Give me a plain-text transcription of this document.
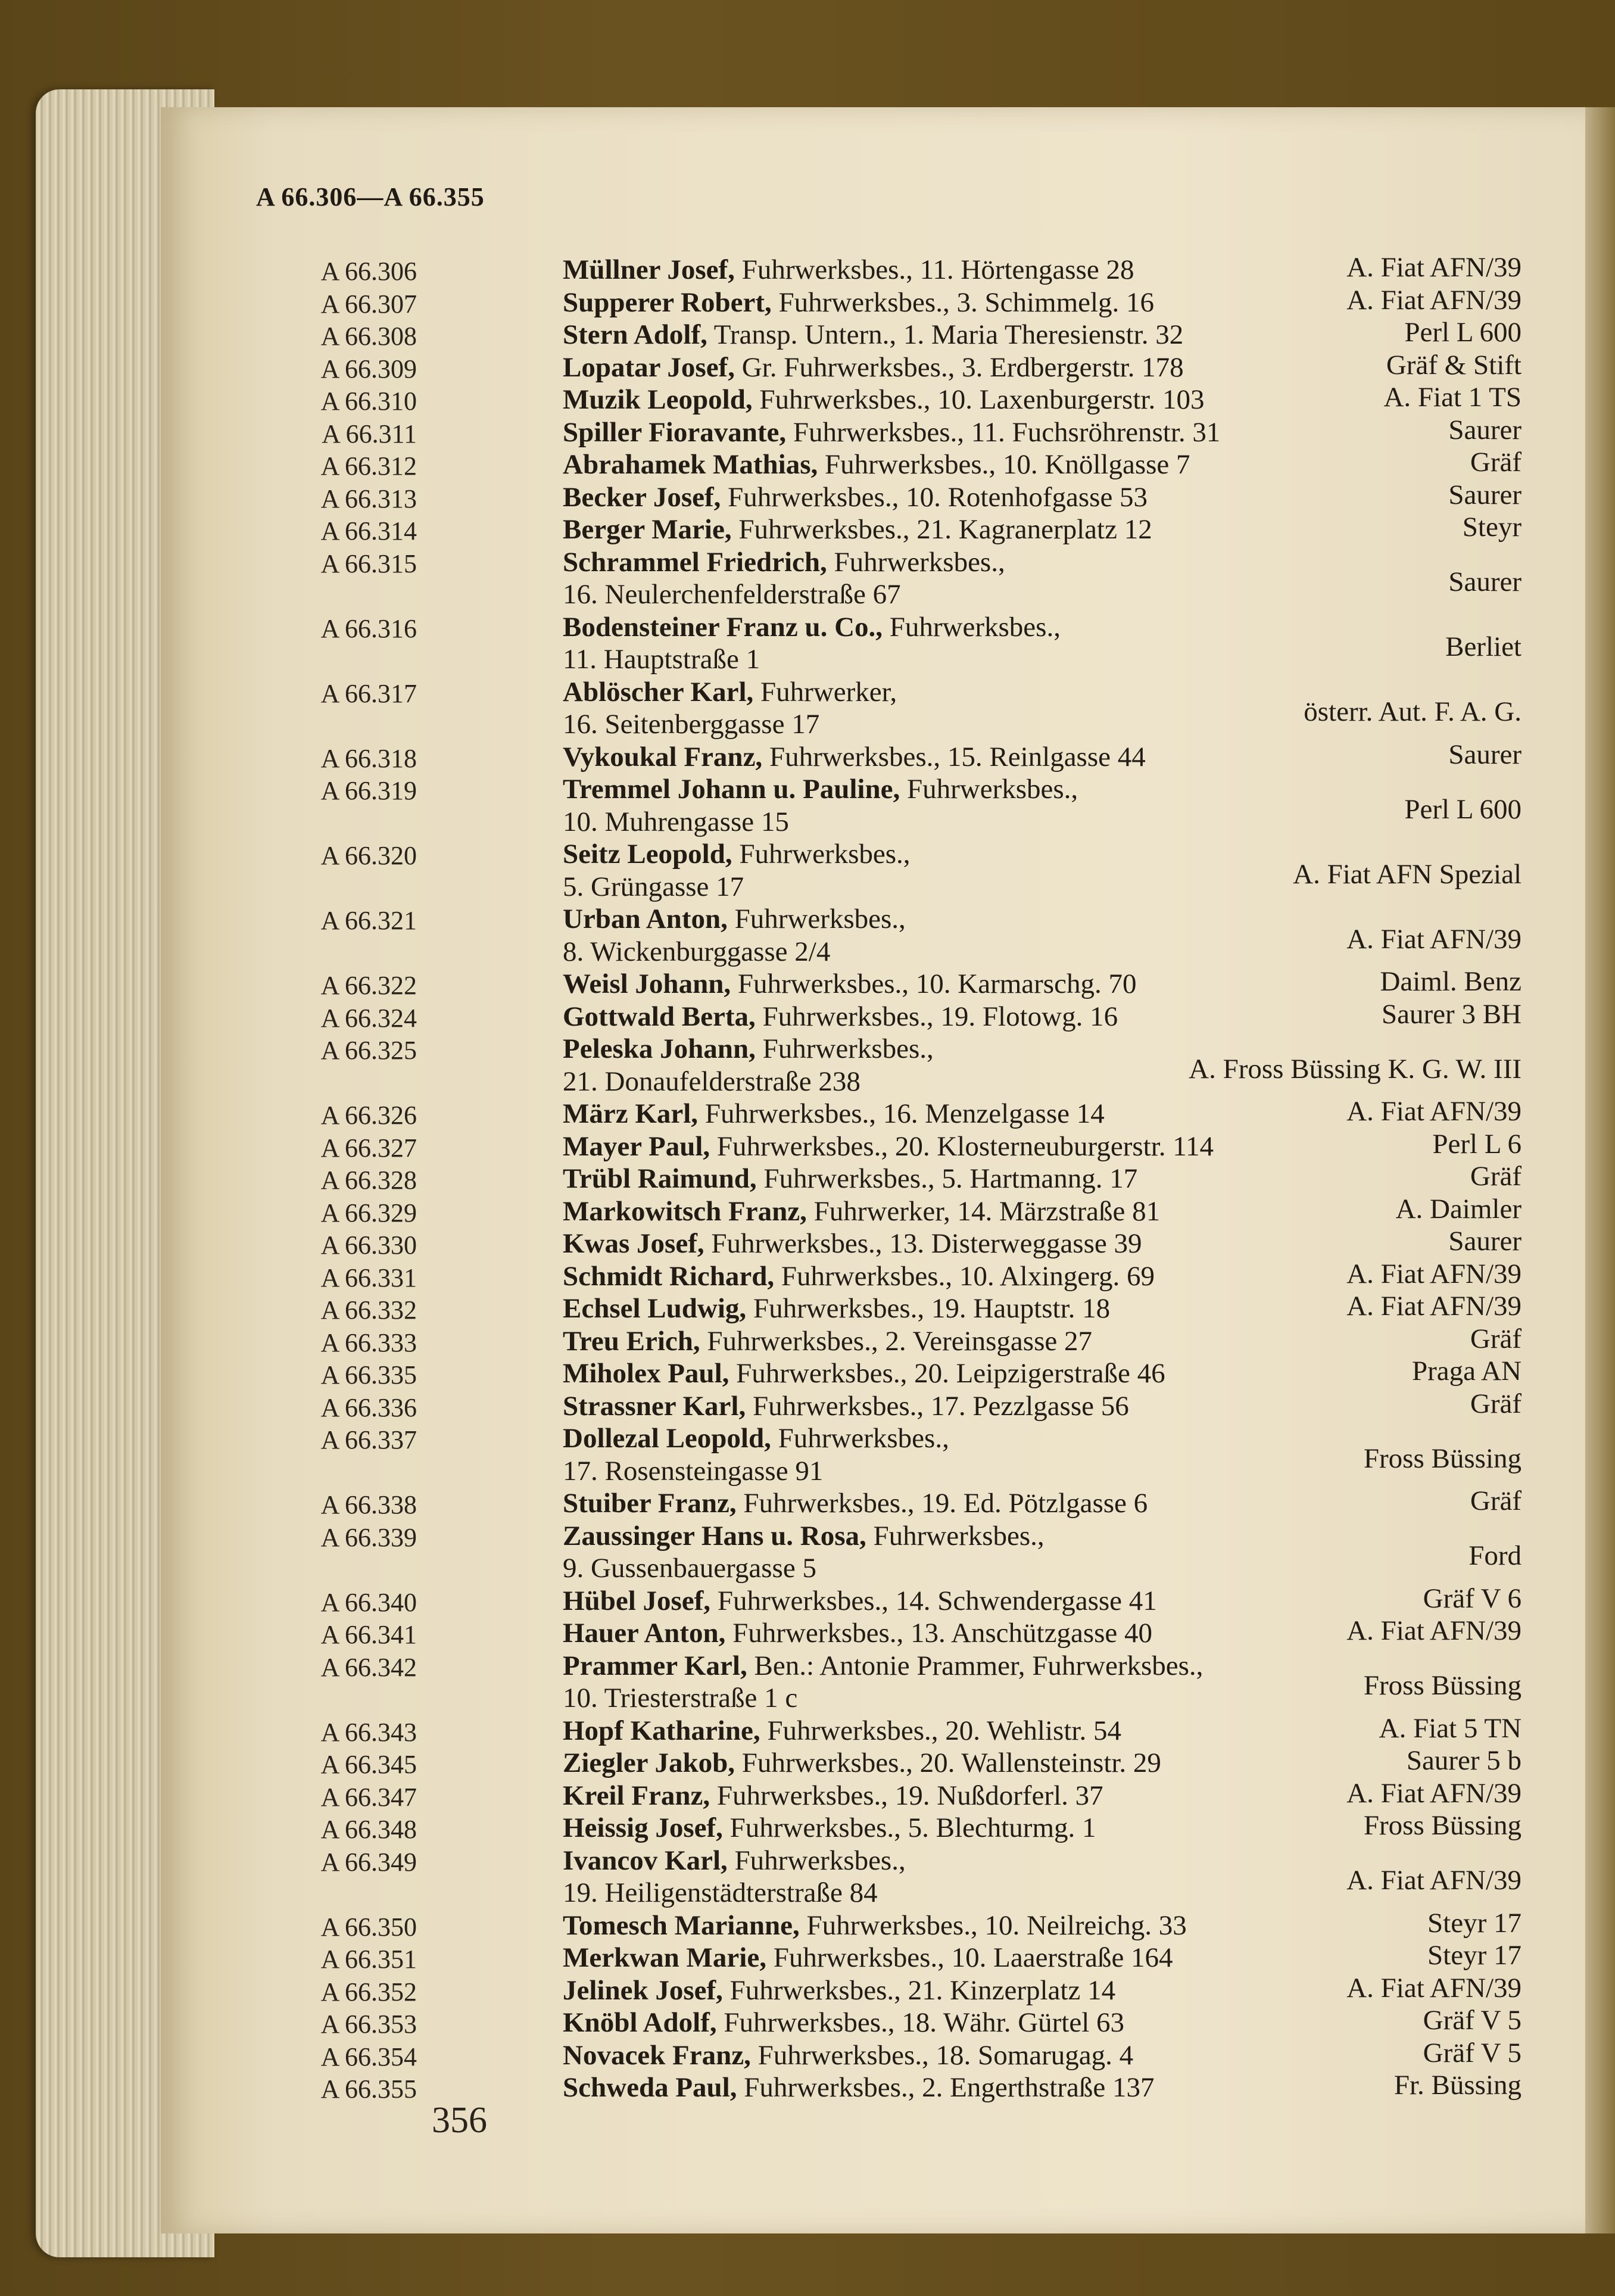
A 66.306—A 66.355
A 66.306	Müllner Josef, Fuhrwerksbes., 11. Hörtengasse 28	A. Fiat AFN/39
A 66.307	Supperer Robert, Fuhrwerksbes., 3. Schimmelg. 16	A. Fiat AFN/39
A 66.308	Stern Adolf, Transp. Untern., 1. Maria Theresienstr. 32	Perl L 600
A 66.309	Lopatar Josef, Gr. Fuhrwerksbes., 3. Erdbergerstr. 178	Gräf & Stift
A 66.310	Muzik Leopold, Fuhrwerksbes., 10. Laxenburgerstr. 103	A. Fiat 1 TS
A 66.311	Spiller Fioravante, Fuhrwerksbes., 11. Fuchsröhrenstr. 31	Saurer
A 66.312	Abrahamek Mathias, Fuhrwerksbes., 10. Knöllgasse 7	Gräf
A 66.313	Becker Josef, Fuhrwerksbes., 10. Rotenhofgasse 53	Saurer
A 66.314	Berger Marie, Fuhrwerksbes., 21. Kagranerplatz 12	Steyr
A 66.315	Schrammel Friedrich, Fuhrwerksbes.,
16. Neulerchenfelderstraße 67	Saurer
A 66.316	Bodensteiner Franz u. Co., Fuhrwerksbes.,
11. Hauptstraße 1	Berliet
A 66.317	Ablöscher Karl, Fuhrwerker,
16. Seitenberggasse 17	österr. Aut. F. A. G.
A 66.318	Vykoukal Franz, Fuhrwerksbes., 15. Reinlgasse 44	Saurer
A 66.319	Tremmel Johann u. Pauline, Fuhrwerksbes.,
10. Muhrengasse 15	Perl L 600
A 66.320	Seitz Leopold, Fuhrwerksbes.,
5. Grüngasse 17	A. Fiat AFN Spezial
A 66.321	Urban Anton, Fuhrwerksbes.,
8. Wickenburggasse 2/4	A. Fiat AFN/39
A 66.322	Weisl Johann, Fuhrwerksbes., 10. Karmarschg. 70	Daiml. Benz
A 66.324	Gottwald Berta, Fuhrwerksbes., 19. Flotowg. 16	Saurer 3 BH
A 66.325	Peleska Johann, Fuhrwerksbes.,
21. Donaufelderstraße 238	A. Fross Büssing K. G. W. III
A 66.326	März Karl, Fuhrwerksbes., 16. Menzelgasse 14	A. Fiat AFN/39
A 66.327	Mayer Paul, Fuhrwerksbes., 20. Klosterneuburgerstr. 114	Perl L 6
A 66.328	Trübl Raimund, Fuhrwerksbes., 5. Hartmanng. 17	Gräf
A 66.329	Markowitsch Franz, Fuhrwerker, 14. Märzstraße 81	A. Daimler
A 66.330	Kwas Josef, Fuhrwerksbes., 13. Disterweggasse 39	Saurer
A 66.331	Schmidt Richard, Fuhrwerksbes., 10. Alxingerg. 69	A. Fiat AFN/39
A 66.332	Echsel Ludwig, Fuhrwerksbes., 19. Hauptstr. 18	A. Fiat AFN/39
A 66.333	Treu Erich, Fuhrwerksbes., 2. Vereinsgasse 27	Gräf
A 66.335	Miholex Paul, Fuhrwerksbes., 20. Leipzigerstraße 46	Praga AN
A 66.336	Strassner Karl, Fuhrwerksbes., 17. Pezzlgasse 56	Gräf
A 66.337	Dollezal Leopold, Fuhrwerksbes.,
17. Rosensteingasse 91	Fross Büssing
A 66.338	Stuiber Franz, Fuhrwerksbes., 19. Ed. Pötzlgasse 6	Gräf
A 66.339	Zaussinger Hans u. Rosa, Fuhrwerksbes.,
9. Gussenbauergasse 5	Ford
A 66.340	Hübel Josef, Fuhrwerksbes., 14. Schwendergasse 41	Gräf V 6
A 66.341	Hauer Anton, Fuhrwerksbes., 13. Anschützgasse 40	A. Fiat AFN/39
A 66.342	Prammer Karl, Ben.: Antonie Prammer, Fuhrwerksbes.,
10. Triesterstraße 1 c	Fross Büssing
A 66.343	Hopf Katharine, Fuhrwerksbes., 20. Wehlistr. 54	A. Fiat 5 TN
A 66.345	Ziegler Jakob, Fuhrwerksbes., 20. Wallensteinstr. 29	Saurer 5 b
A 66.347	Kreil Franz, Fuhrwerksbes., 19. Nußdorferl. 37	A. Fiat AFN/39
A 66.348	Heissig Josef, Fuhrwerksbes., 5. Blechturmg. 1	Fross Büssing
A 66.349	Ivancov Karl, Fuhrwerksbes.,
19. Heiligenstädterstraße 84	A. Fiat AFN/39
A 66.350	Tomesch Marianne, Fuhrwerksbes., 10. Neilreichg. 33	Steyr 17
A 66.351	Merkwan Marie, Fuhrwerksbes., 10. Laaerstraße 164	Steyr 17
A 66.352	Jelinek Josef, Fuhrwerksbes., 21. Kinzerplatz 14	A. Fiat AFN/39
A 66.353	Knöbl Adolf, Fuhrwerksbes., 18. Währ. Gürtel 63	Gräf V 5
A 66.354	Novacek Franz, Fuhrwerksbes., 18. Somarugag. 4	Gräf V 5
A 66.355	Schweda Paul, Fuhrwerksbes., 2. Engerthstraße 137	Fr. Büssing
356
